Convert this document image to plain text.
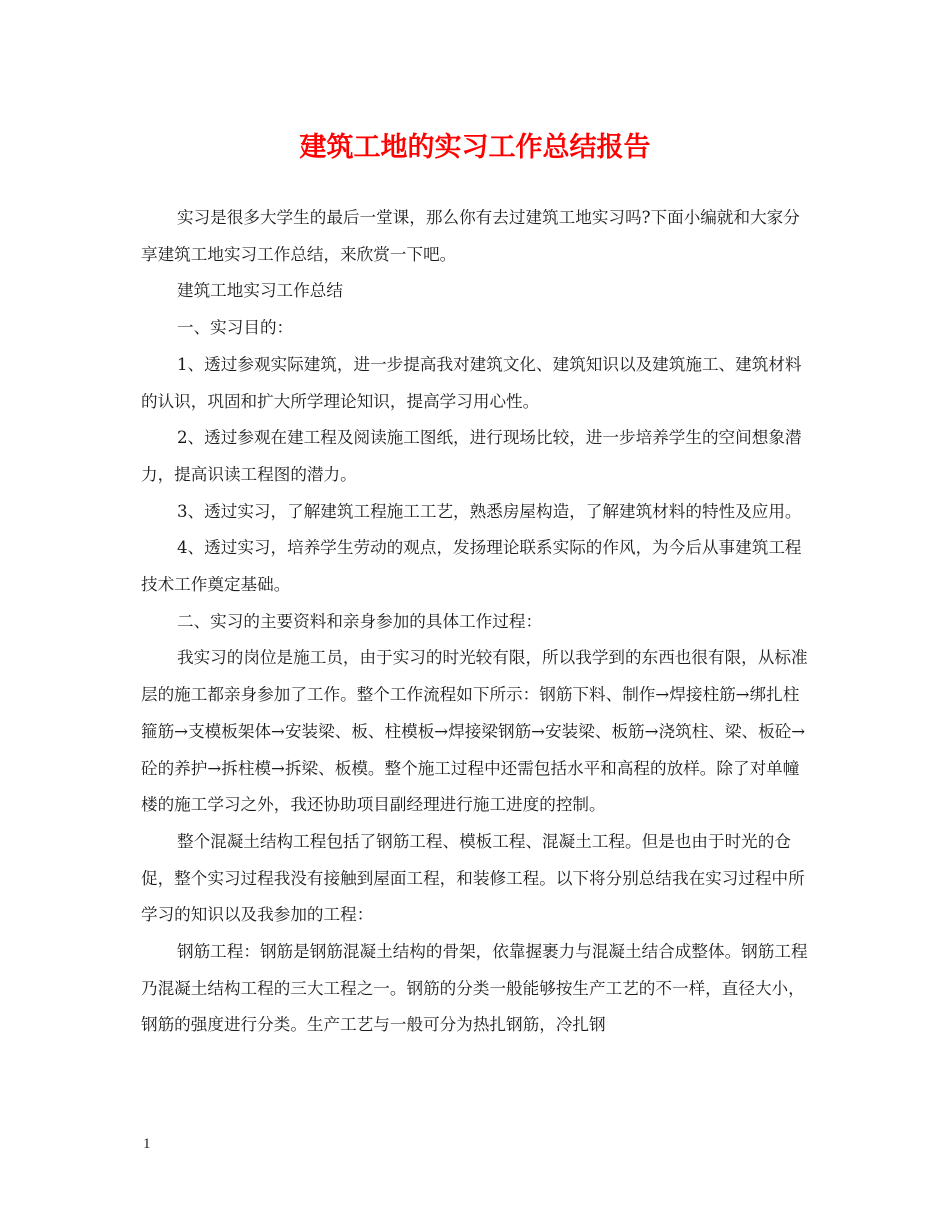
建筑工地的实习工作总结报告

实习是很多大学生的最后一堂课，那么你有去过建筑工地实习吗?下面小编就和大家分享建筑工地实习工作总结，来欣赏一下吧。

建筑工地实习工作总结

一、实习目的：

1、透过参观实际建筑，进一步提高我对建筑文化、建筑知识以及建筑施工、建筑材料的认识，巩固和扩大所学理论知识，提高学习用心性。

2、透过参观在建工程及阅读施工图纸，进行现场比较，进一步培养学生的空间想象潜力，提高识读工程图的潜力。

3、透过实习，了解建筑工程施工工艺，熟悉房屋构造，了解建筑材料的特性及应用。

4、透过实习，培养学生劳动的观点，发扬理论联系实际的作风，为今后从事建筑工程技术工作奠定基础。

二、实习的主要资料和亲身参加的具体工作过程：

我实习的岗位是施工员，由于实习的时光较有限，所以我学到的东西也很有限，从标准层的施工都亲身参加了工作。整个工作流程如下所示：钢筋下料、制作→焊接柱筋→绑扎柱箍筋→支模板架体→安装梁、板、柱模板→焊接梁钢筋→安装梁、板筋→浇筑柱、梁、板砼→砼的养护→拆柱模→拆梁、板模。整个施工过程中还需包括水平和高程的放样。除了对单幢楼的施工学习之外，我还协助项目副经理进行施工进度的控制。

整个混凝土结构工程包括了钢筋工程、模板工程、混凝土工程。但是也由于时光的仓促，整个实习过程我没有接触到屋面工程，和装修工程。以下将分别总结我在实习过程中所学习的知识以及我参加的工程：

钢筋工程：钢筋是钢筋混凝土结构的骨架，依靠握裹力与混凝土结合成整体。钢筋工程乃混凝土结构工程的三大工程之一。钢筋的分类一般能够按生产工艺的不一样，直径大小，钢筋的强度进行分类。生产工艺与一般可分为热扎钢筋，冷扎钢

1
